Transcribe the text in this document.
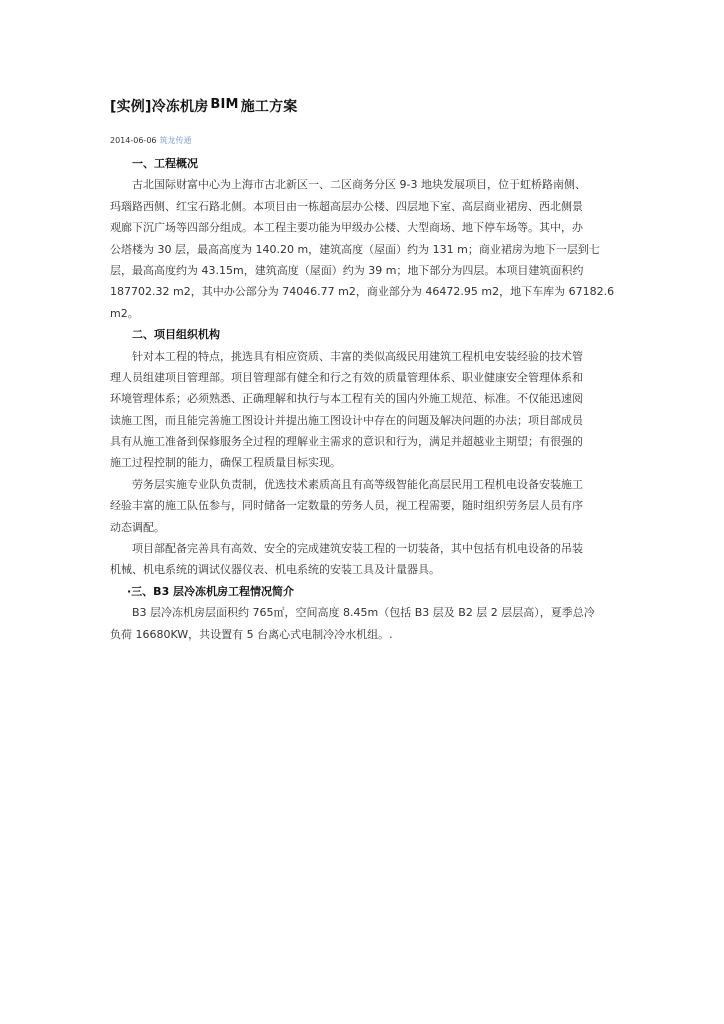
[实例]冷冻机房 BIM 施工方案
2014-06-06 筑龙传通
一、工程概况
古北国际财富中心为上海市古北新区一、二区商务分区 9-3 地块发展项目，位于虹桥路南侧、
玛瑙路西侧、红宝石路北侧。本项目由一栋超高层办公楼、四层地下室、高层商业裙房、西北侧景
观廊下沉广场等四部分组成。本工程主要功能为甲级办公楼、大型商场、地下停车场等。其中，办
公塔楼为 30 层，最高高度为 140.20 m，建筑高度（屋面）约为 131 m；商业裙房为地下一层到七
层，最高高度约为 43.15m，建筑高度（屋面）约为 39 m；地下部分为四层。本项目建筑面积约
187702.32 m2，其中办公部分为 74046.77 m2，商业部分为 46472.95 m2，地下车库为 67182.6
m2。
二、项目组织机构
针对本工程的特点，挑选具有相应资质、丰富的类似高级民用建筑工程机电安装经验的技术管
理人员组建项目管理部。项目管理部有健全和行之有效的质量管理体系、职业健康安全管理体系和
环境管理体系；必须熟悉、正确理解和执行与本工程有关的国内外施工规范、标准。不仅能迅速阅
读施工图，而且能完善施工图设计并提出施工图设计中存在的问题及解决问题的办法；项目部成员
具有从施工准备到保修服务全过程的理解业主需求的意识和行为，满足并超越业主期望；有很强的
施工过程控制的能力，确保工程质量目标实现。
劳务层实施专业队负责制，优选技术素质高且有高等级智能化高层民用工程机电设备安装施工
经验丰富的施工队伍参与，同时储备一定数量的劳务人员，视工程需要，随时组织劳务层人员有序
动态调配。
项目部配备完善具有高效、安全的完成建筑安装工程的一切装备，其中包括有机电设备的吊装
机械、机电系统的调试仪器仪表、机电系统的安装工具及计量器具。
·三、B3 层冷冻机房工程情况简介
B3 层冷冻机房层面积约 765㎡，空间高度 8.45m（包括 B3 层及 B2 层 2 层层高），夏季总冷
负荷 16680KW，共设置有 5 台离心式电制冷冷水机组。.
